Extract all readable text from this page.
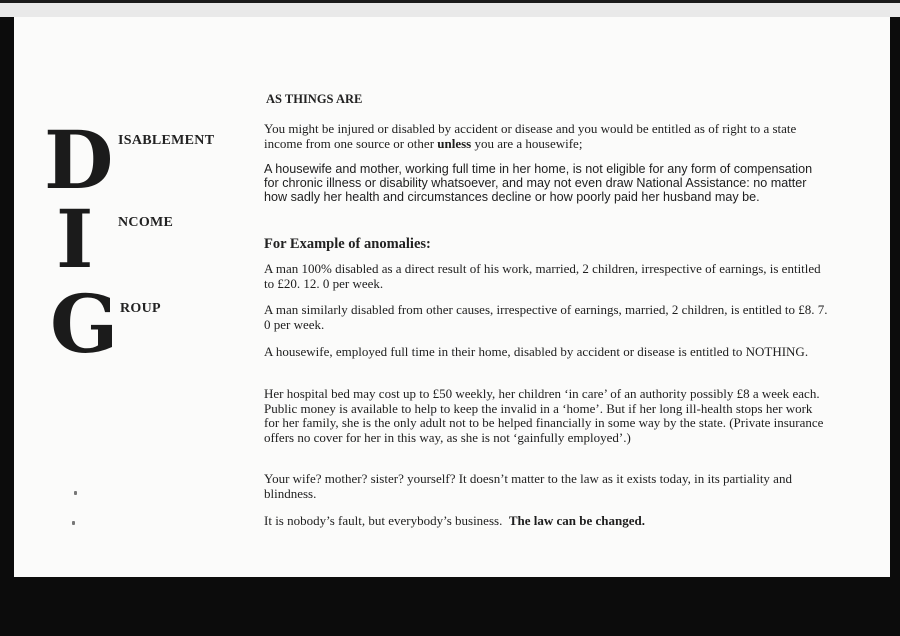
D ISABLEMENT
I NCOME
G ROUP
AS THINGS ARE
You might be injured or disabled by accident or disease and you would be entitled as of right to a state income from one source or other unless you are a housewife;
A housewife and mother, working full time in her home, is not eligible for any form of compensation for chronic illness or disability whatsoever, and may not even draw National Assistance: no matter how sadly her health and circumstances decline or how poorly paid her husband may be.
For Example of anomalies:
A man 100% disabled as a direct result of his work, married, 2 children, irrespective of earnings, is entitled to £20. 12. 0 per week.
A man similarly disabled from other causes, irrespective of earnings, married, 2 children, is entitled to £8. 7. 0 per week.
A housewife, employed full time in their home, disabled by accident or disease is entitled to NOTHING.
Her hospital bed may cost up to £50 weekly, her children ‘in care’ of an authority possibly £8 a week each. Public money is available to help to keep the invalid in a ‘home’. But if her long ill-health stops her work for her family, she is the only adult not to be helped financially in some way by the state. (Private insurance offers no cover for her in this way, as she is not ‘gainfully employed’.)
Your wife? mother? sister? yourself? It doesn’t matter to the law as it exists today, in its partiality and blindness.
It is nobody’s fault, but everybody’s business. The law can be changed.
